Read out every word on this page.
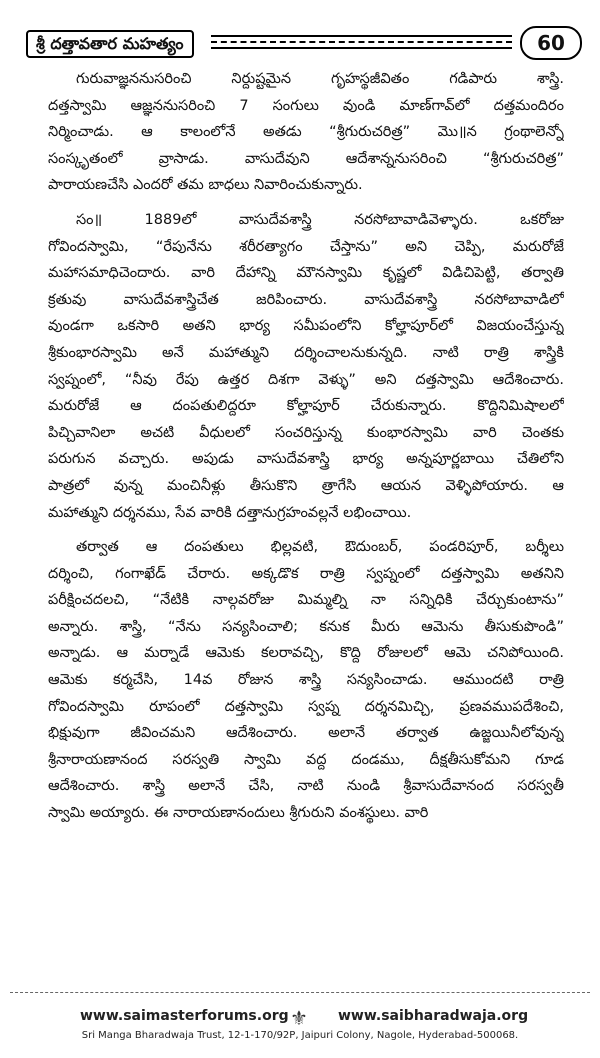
శ్రీ దత్తావతార మహత్యం	60

గురువాజ్ఞననుసరించి నిర్దుష్టమైన గృహస్థజీవితం గడిపారు శాస్త్రి.

దత్తస్వామి ఆజ్ఞననుసరించి 7 సంగులు వుండి మాణ్‌గావ్‌లో దత్తమందిరం

నిర్మించాడు. ఆ కాలంలోనే అతడు “శ్రీగురుచరిత్ర” మొ॥న గ్రంథాలెన్నో

సంస్కృతంలో వ్రాసాడు. వాసుదేవుని ఆదేశాన్ననుసరించి “శ్రీగురుచరిత్ర”

పారాయణచేసి ఎందరో తమ బాధలు నివారించుకున్నారు.

సం॥ 1889లో వాసుదేవశాస్త్రి నరసోబావాడివెళ్ళారు. ఒకరోజు

గోవిందస్వామి, “రేపునేను శరీరత్యాగం చేస్తాను” అని చెప్పి, మరురోజే

మహాసమాధిచెందారు. వారి దేహాన్ని మౌనస్వామి కృష్ణలో విడిచిపెట్టి, తర్వాతి

క్రతువు వాసుదేవశాస్త్రిచేత జరిపించారు. వాసుదేవశాస్త్రి నరసోబావాడిలో

వుండగా ఒకసారి అతని భార్య సమీపంలోని కోల్హాపూర్‌లో విజయంచేస్తున్న

శ్రీకుంభారస్వామి అనే మహాత్ముని దర్శించాలనుకున్నది. నాటి రాత్రి శాస్త్రికి

స్వప్నంలో, “నీవు రేపు ఉత్తర దిశగా వెళ్ళు” అని దత్తస్వామి ఆదేశించారు.

మరురోజే ఆ దంపతులిద్దరూ కోల్హాపూర్ చేరుకున్నారు. కొద్దినిమిషాలలో

పిచ్చివానిలా అచటి వీధులలో సంచరిస్తున్న కుంభారస్వామి వారి చెంతకు

పరుగున వచ్చారు. అపుడు వాసుదేవశాస్త్రి భార్య అన్నపూర్ణబాయి చేతిలోని

పాత్రలో వున్న మంచినీళ్లు తీసుకొని త్రాగేసి ఆయన వెళ్ళిపోయారు. ఆ

మహాత్ముని దర్శనము, సేవ వారికి దత్తానుగ్రహంవల్లనే లభించాయి.

తర్వాత ఆ దంపతులు భిల్లవటి, ఔదుంబర్, పండరిపూర్, బర్శీలు

దర్శించి, గంగాఖేడ్ చేరారు. అక్కడొక రాత్రి స్వప్నంలో దత్తస్వామి అతనిని

పరీక్షించదలచి, “నేటికి నాల్గవరోజు మిమ్మల్ని నా సన్నిధికి చేర్చుకుంటాను”

అన్నారు. శాస్త్రి, “నేను సన్యసించాలి; కనుక మీరు ఆమెను తీసుకుపొండి”

అన్నాడు. ఆ మర్నాడే ఆమెకు కలరావచ్చి, కొద్ది రోజులలో ఆమె చనిపోయింది.

ఆమెకు కర్మచేసి, 14వ రోజున శాస్త్రి సన్యసించాడు. ఆముందటి రాత్రి

గోవిందస్వామి రూపంలో దత్తస్వామి స్వప్న దర్శనమిచ్చి, ప్రణవముపదేశించి,

భిక్షువుగా జీవించమని ఆదేశించారు. అలానే తర్వాత ఉజ్జయినీలోవున్న

శ్రీనారాయణానంద సరస్వతి స్వామి వద్ద దండము, దీక్షతీసుకోమని గూడ

ఆదేశించారు. శాస్త్రి అలానే చేసి, నాటి నుండి శ్రీవాసుదేవానంద సరస్వతీ

స్వామి అయ్యారు. ఈ నారాయణానందులు శ్రీగురుని వంశస్థులు. వారి

www.saimasterforums.org ⚜ www.saibharadwaja.org
Sri Manga Bharadwaja Trust, 12-1-170/92P, Jaipuri Colony, Nagole, Hyderabad-500068.
